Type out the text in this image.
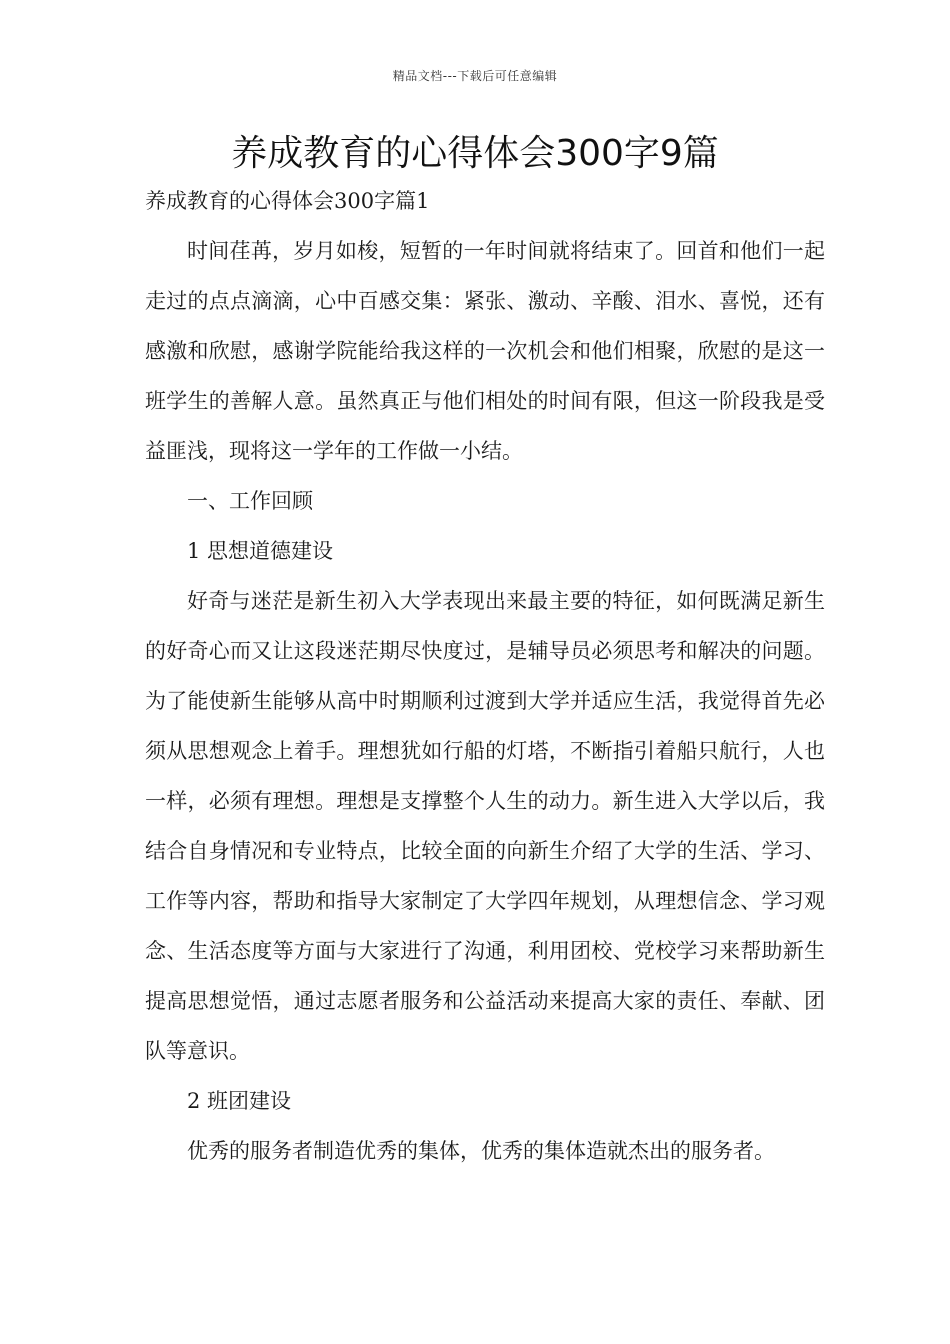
精品文档---下载后可任意编辑
养成教育的心得体会300字9篇
养成教育的心得体会300字篇1

时间荏苒，岁月如梭，短暂的一年时间就将结束了。回首和他们一起走过的点点滴滴，心中百感交集：紧张、激动、辛酸、泪水、喜悦，还有感激和欣慰，感谢学院能给我这样的一次机会和他们相聚，欣慰的是这一班学生的善解人意。虽然真正与他们相处的时间有限，但这一阶段我是受益匪浅，现将这一学年的工作做一小结。

一、工作回顾

1 思想道德建设

好奇与迷茫是新生初入大学表现出来最主要的特征，如何既满足新生的好奇心而又让这段迷茫期尽快度过，是辅导员必须思考和解决的问题。为了能使新生能够从高中时期顺利过渡到大学并适应生活，我觉得首先必须从思想观念上着手。理想犹如行船的灯塔，不断指引着船只航行，人也一样，必须有理想。理想是支撑整个人生的动力。新生进入大学以后，我结合自身情况和专业特点，比较全面的向新生介绍了大学的生活、学习、工作等内容，帮助和指导大家制定了大学四年规划，从理想信念、学习观念、生活态度等方面与大家进行了沟通，利用团校、党校学习来帮助新生提高思想觉悟，通过志愿者服务和公益活动来提高大家的责任、奉献、团队等意识。

2 班团建设

优秀的服务者制造优秀的集体，优秀的集体造就杰出的服务者。
